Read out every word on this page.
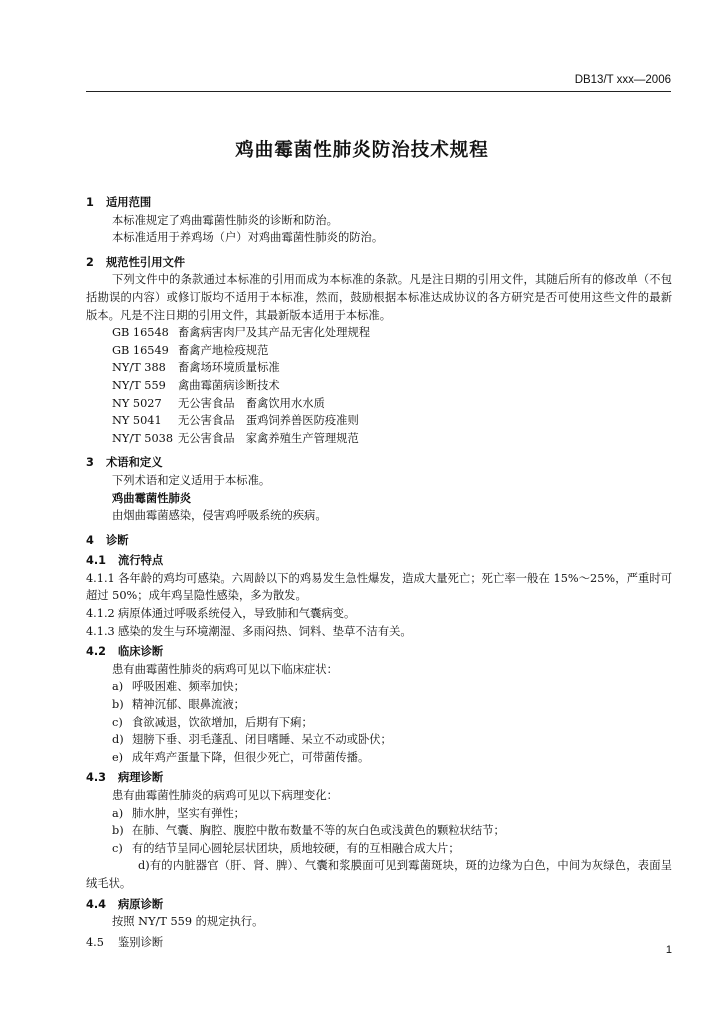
DB13/T xxx—2006
鸡曲霉菌性肺炎防治技术规程
1 适用范围
本标准规定了鸡曲霉菌性肺炎的诊断和防治。
本标准适用于养鸡场（户）对鸡曲霉菌性肺炎的防治。
2 规范性引用文件
下列文件中的条款通过本标准的引用而成为本标准的条款。凡是注日期的引用文件，其随后所有的修改单（不包括勘误的内容）或修订版均不适用于本标准，然而，鼓励根据本标准达成协议的各方研究是否可使用这些文件的最新版本。凡是不注日期的引用文件，其最新版本适用于本标准。
GB 16548 畜禽病害肉尸及其产品无害化处理规程
GB 16549 畜禽产地检疫规范
NY/T 388 畜禽场环境质量标准
NY/T 559 禽曲霉菌病诊断技术
NY 5027 无公害食品　畜禽饮用水水质
NY 5041 无公害食品　蛋鸡饲养兽医防疫准则
NY/T 5038 无公害食品　家禽养殖生产管理规范
3 术语和定义
下列术语和定义适用于本标准。
鸡曲霉菌性肺炎
由烟曲霉菌感染，侵害鸡呼吸系统的疾病。
4 诊断
4.1 流行特点
4.1.1 各年龄的鸡均可感染。六周龄以下的鸡易发生急性爆发，造成大量死亡；死亡率一般在 15%～25%，严重时可超过 50%；成年鸡呈隐性感染，多为散发。
4.1.2 病原体通过呼吸系统侵入，导致肺和气囊病变。
4.1.3 感染的发生与环境潮湿、多雨闷热、饲料、垫草不洁有关。
4.2 临床诊断
患有曲霉菌性肺炎的病鸡可见以下临床症状：
a) 呼吸困难、频率加快；
b) 精神沉郁、眼鼻流液；
c) 食欲减退，饮欲增加，后期有下痢；
d) 翅膀下垂、羽毛蓬乱、闭目嗜睡、呆立不动或卧伏；
e) 成年鸡产蛋量下降，但很少死亡，可带菌传播。
4.3 病理诊断
患有曲霉菌性肺炎的病鸡可见以下病理变化：
a) 肺水肿，坚实有弹性；
b) 在肺、气囊、胸腔、腹腔中散布数量不等的灰白色或浅黄色的颗粒状结节；
c) 有的结节呈同心圆轮层状团块，质地较硬，有的互相融合成大片；
d)有的内脏器官（肝、肾、脾）、气囊和浆膜面可见到霉菌斑块，斑的边缘为白色，中间为灰绿色，表面呈绒毛状。
4.4 病原诊断
按照 NY/T 559 的规定执行。
4.5 鉴别诊断
1
